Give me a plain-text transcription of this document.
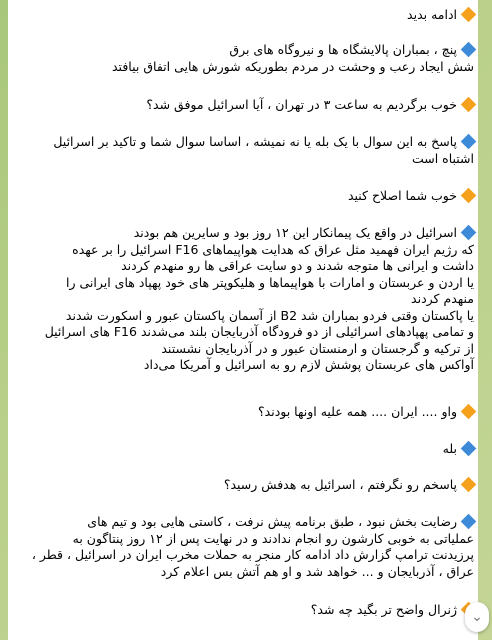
ادامه بدید
پنچ ، بمباران پالایشگاه ها و نیروگاه های برق
شش ایجاد رعب و وحشت در مردم بطوریکه شورش هایی اتفاق بیافتد
خوب برگردیم به ساعت ۳ در تهران ، آیا اسرائیل موفق شد؟
پاسخ به این سوال با یک بله یا نه نمیشه ، اساسا سوال شما و تاکید بر اسرائیل
اشتباه است
خوب شما اصلاح کنید
اسرائیل در واقع یک پیمانکار این ۱۲ روز بود و سایرین هم بودند
که رژیم ایران فهمید مثل عراق که هدایت هواپیماهای F16 اسرائیل را بر عهده
داشت و ایرانی ها متوجه شدند و دو سایت عراقی ها رو منهدم کردند
یا اردن و عربستان و امارات با هواپیماها و هلیکوپتر های خود پهپاد های ایرانی را
منهدم کردند
یا پاکستان وقتی فردو بمباران شد B2 از آسمان پاکستان عبور و اسکورت شدند
و تمامی پهپادهای اسرائیلی از دو فرودگاه آذربایجان بلند می‌شدند F16 های اسرائیل
از ترکیه و گرجستان و ارمنستان عبور و در آذربایجان نشستند
آواکس های عربستان پوشش لازم رو به اسرائیل و آمریکا می‌داد
واو .... ایران .... همه علیه اونها بودند؟
بله
پاسخم رو نگرفتم ، اسرائیل به هدفش رسید؟
رضایت بخش نبود ، طبق برنامه پیش نرفت ، کاستی هایی بود و تیم های
عملیاتی به خوبی کارشون رو انجام ندادند و در نهایت پس از ۱۲ روز پنتاگون به
پرزیدنت ترامپ گزارش داد ادامه کار منجر به حملات مخرب ایران در اسرائیل ، قطر ،
عراق ، آذربایجان و ... خواهد شد و او هم آتش بس اعلام کرد
ژنرال واضح تر بگید چه شد؟	⌄
